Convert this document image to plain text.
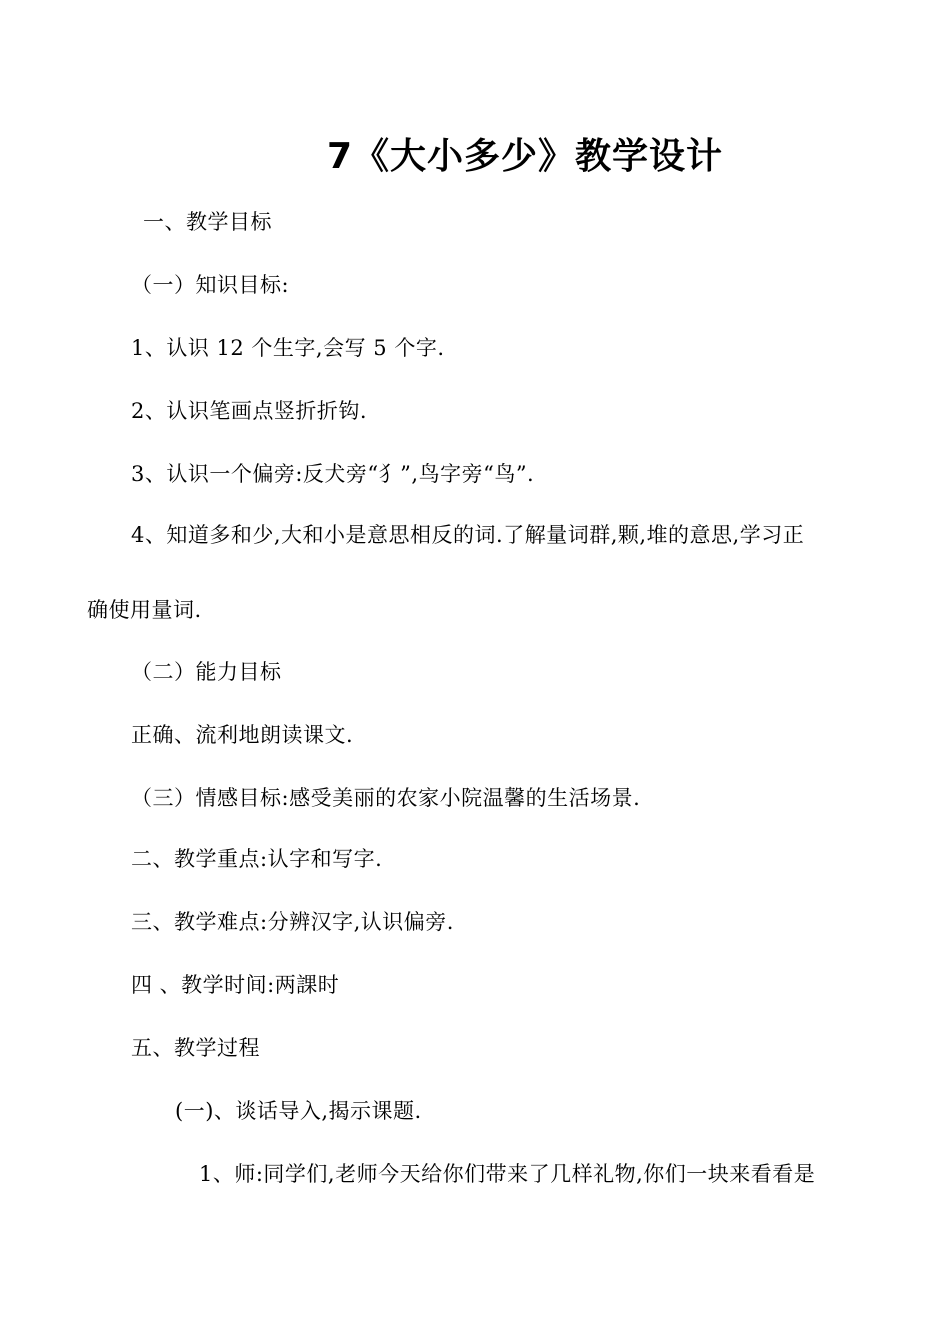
7《大小多少》教学设计
一、教学目标
（一）知识目标:
1、认识 12 个生字,会写 5 个字.
2、认识笔画点竖折折钩.
3、认识一个偏旁:反犬旁“犭”,鸟字旁“鸟”.
4、知道多和少,大和小是意思相反的词.了解量词群,颗,堆的意思,学习正
确使用量词.
（二）能力目标
正确、流利地朗读课文.
（三）情感目标:感受美丽的农家小院温馨的生活场景.
二、教学重点:认字和写字.
三、教学难点:分辨汉字,认识偏旁.
四 、教学时间:两課时
五、教学过程
(一)、谈话导入,揭示课题.
1、师:同学们,老师今天给你们带来了几样礼物,你们一块来看看是
